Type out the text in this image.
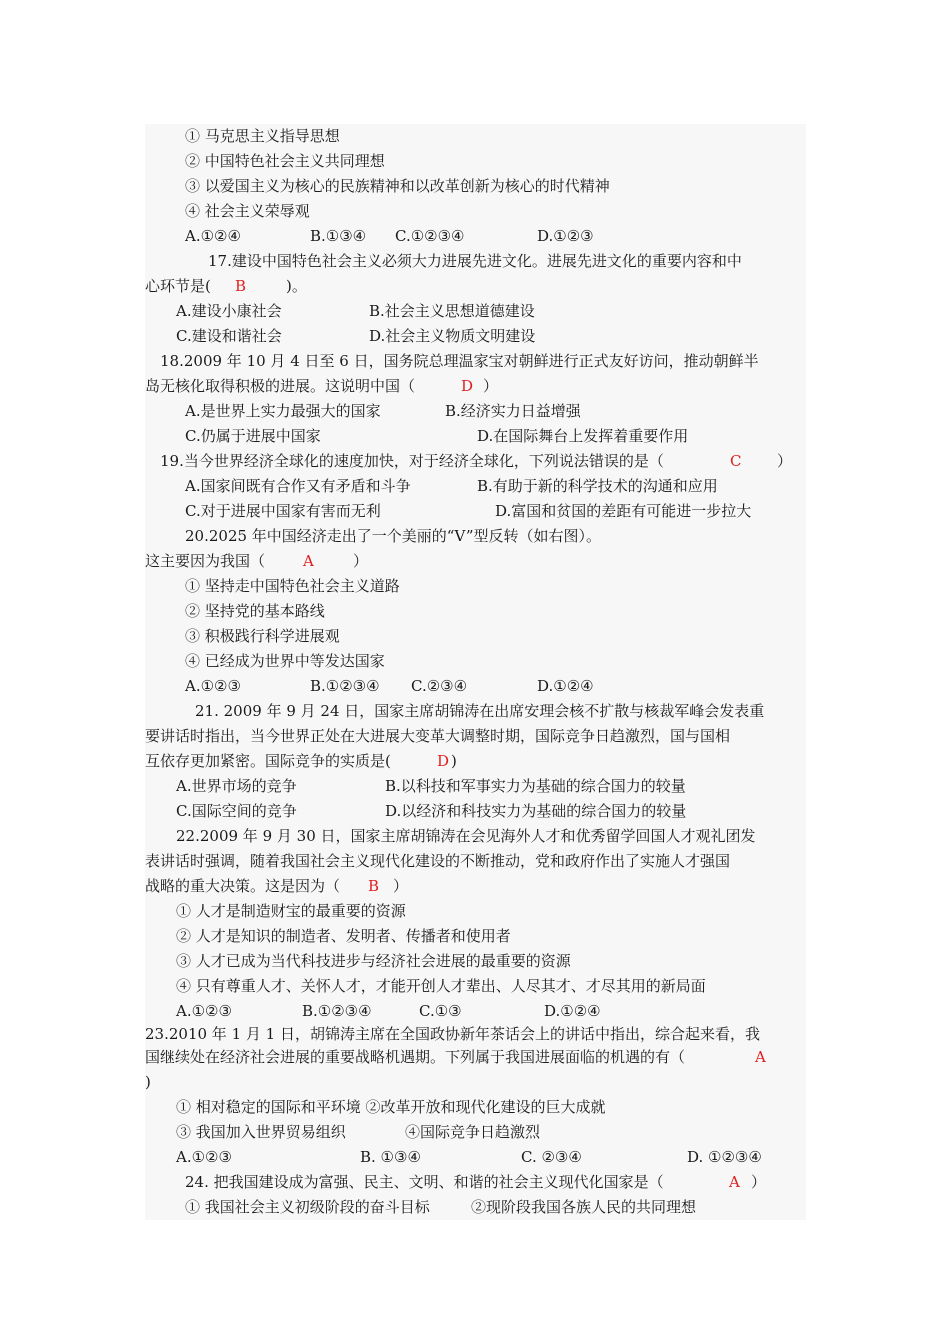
① 马克思主义指导思想
② 中国特色社会主义共同理想
③ 以爱国主义为核心的民族精神和以改革创新为核心的时代精神
④ 社会主义荣辱观
A.①②④	B.①③④ C.①②③④	D.①②③
17.建设中国特色社会主义必须大力进展先进文化。进展先进文化的重要内容和中
心环节是( B	)。
A.建设小康社会	B.社会主义思想道德建设
C.建设和谐社会	D.社会主义物质文明建设
18.2009 年 10 月 4 日至 6 日，国务院总理温家宝对朝鲜进行正式友好访问，推动朝鲜半
岛无核化取得积极的进展。这说明中国（	D ）
A.是世界上实力最强大的国家	B.经济实力日益增强
C.仍属于进展中国家	D.在国际舞台上发挥着重要作用
19.当今世界经济全球化的速度加快，对于经济全球化，下列说法错误的是（	C ）
A.国家间既有合作又有矛盾和斗争	B.有助于新的科学技术的沟通和应用
C.对于进展中国家有害而无利	D.富国和贫国的差距有可能进一步拉大
20.2025 年中国经济走出了一个美丽的“V”型反转（如右图）。
这主要因为我国（	A	）
① 坚持走中国特色社会主义道路
② 坚持党的基本路线
③ 积极践行科学进展观
④ 已经成为世界中等发达国家
A.①②③	B.①②③④ C.②③④	D.①②④
21. 2009 年 9 月 24 日，国家主席胡锦涛在出席安理会核不扩散与核裁军峰会发表重
要讲话时指出，当今世界正处在大进展大变革大调整时期，国际竞争日趋激烈，国与国相
互依存更加紧密。国际竞争的实质是(	D )
A.世界市场的竞争	B.以科技和军事实力为基础的综合国力的较量
C.国际空间的竞争	D.以经济和科技实力为基础的综合国力的较量
22.2009 年 9 月 30 日，国家主席胡锦涛在会见海外人才和优秀留学回国人才观礼团发
表讲话时强调，随着我国社会主义现代化建设的不断推动，党和政府作出了实施人才强国
战略的重大决策。这是因为（ B ）
① 人才是制造财宝的最重要的资源
② 人才是知识的制造者、发明者、传播者和使用者
③ 人才已成为当代科技进步与经济社会进展的最重要的资源
④ 只有尊重人才、关怀人才，才能开创人才辈出、人尽其才、才尽其用的新局面
A.①②③	B.①②③④	C.①③	D.①②④
23.2010 年 1 月 1 日，胡锦涛主席在全国政协新年茶话会上的讲话中指出，综合起来看，我
国继续处在经济社会进展的重要战略机遇期。下列属于我国进展面临的机遇的有（	A
)
① 相对稳定的国际和平环境 ②改革开放和现代化建设的巨大成就
③ 我国加入世界贸易组织	④国际竞争日趋激烈
A.①②③	B. ①③④	C. ②③④	D. ①②③④
24. 把我国建设成为富强、民主、文明、和谐的社会主义现代化国家是（	A ）
① 我国社会主义初级阶段的奋斗目标	②现阶段我国各族人民的共同理想
